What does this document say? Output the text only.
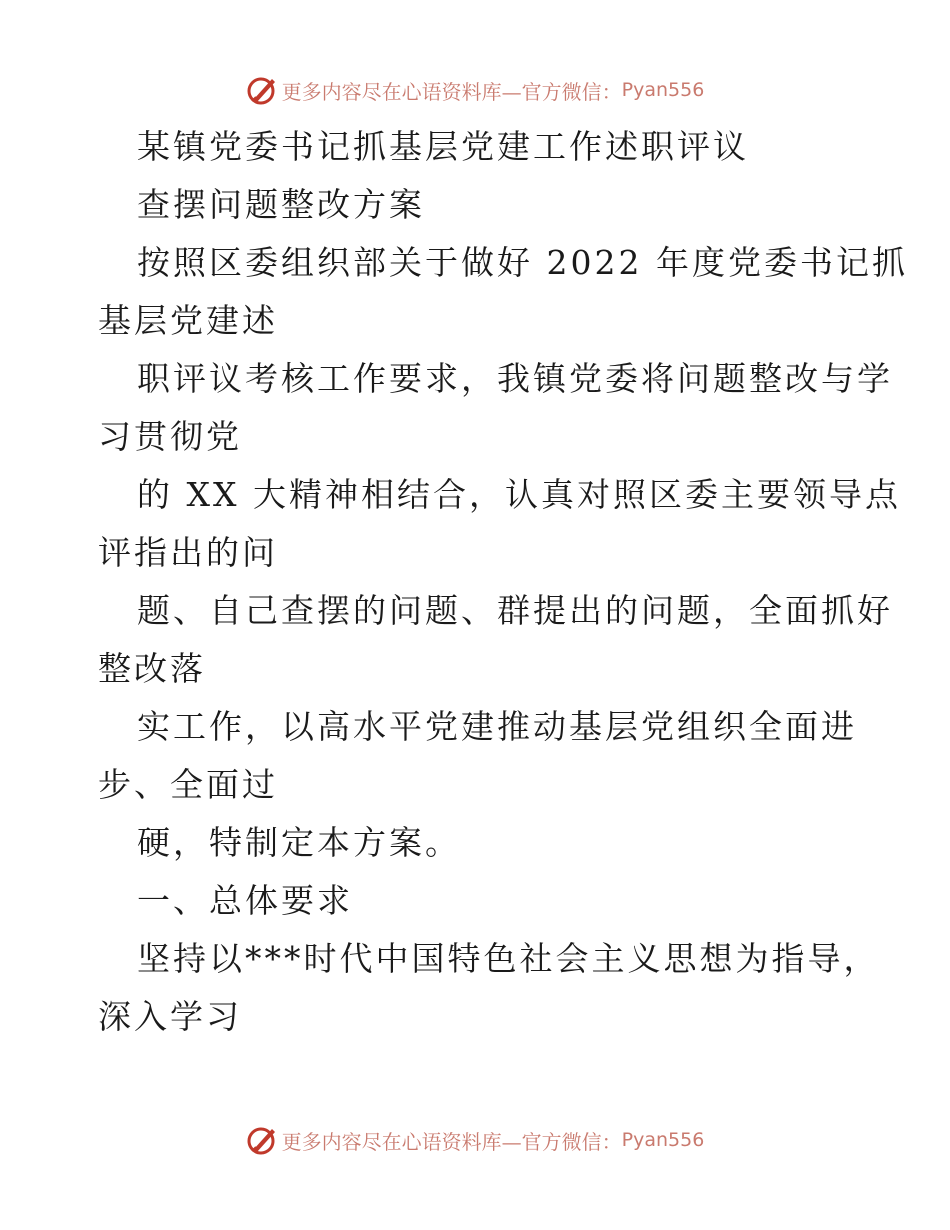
更多内容尽在心语资料库—官方微信： Pyan556
某镇党委书记抓基层党建工作述职评议
查摆问题整改方案
按照区委组织部关于做好 2022 年度党委书记抓
基层党建述
职评议考核工作要求，我镇党委将问题整改与学
习贯彻党
的 XX 大精神相结合，认真对照区委主要领导点
评指出的问
题、自己查摆的问题、群提出的问题，全面抓好
整改落
实工作，以高水平党建推动基层党组织全面进
步、全面过
硬，特制定本方案。
一、总体要求
坚持以***时代中国特色社会主义思想为指导，
深入学习
更多内容尽在心语资料库—官方微信： Pyan556
